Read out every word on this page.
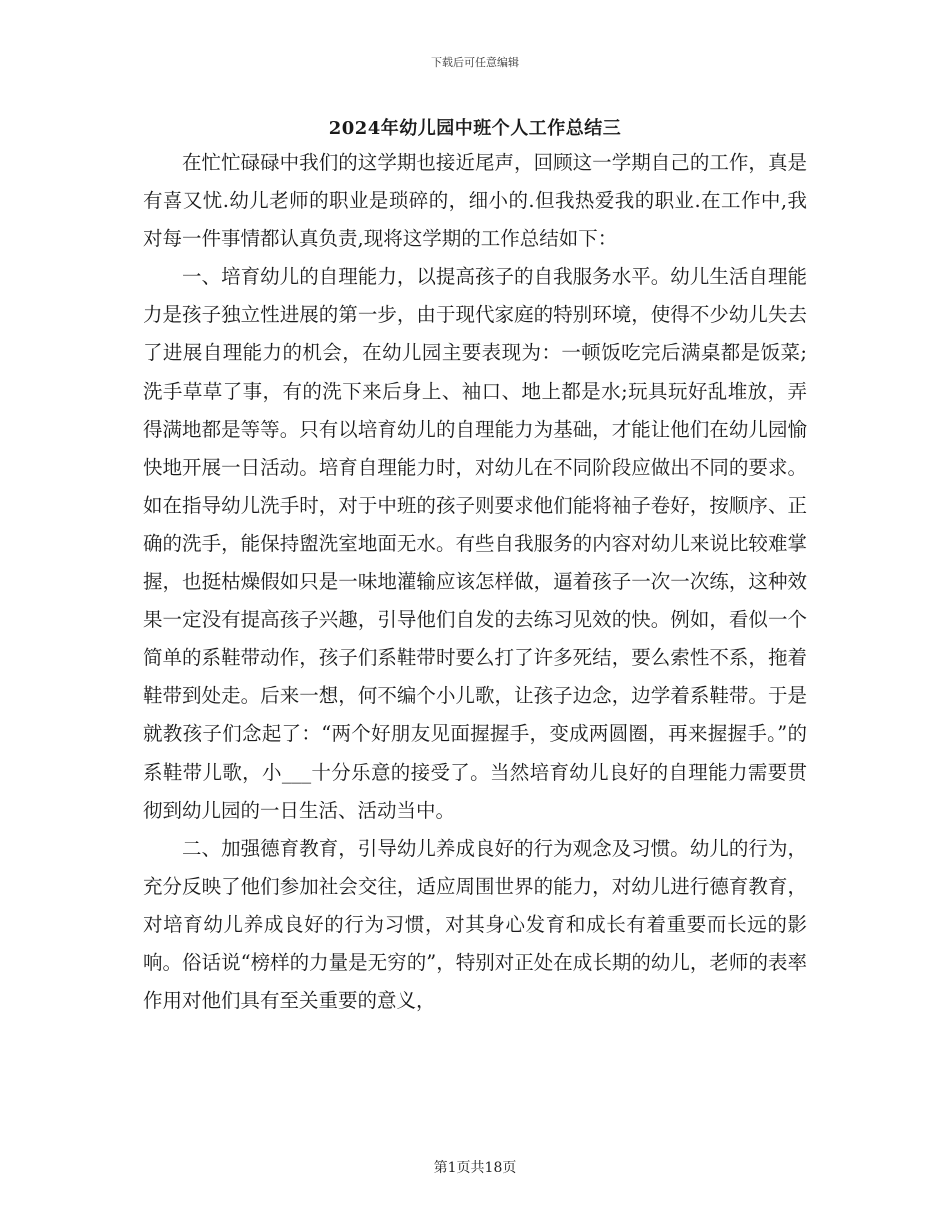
下载后可任意编辑
2024年幼儿园中班个人工作总结三

在忙忙碌碌中我们的这学期也接近尾声，回顾这一学期自己的工作，真是有喜又忧.幼儿老师的职业是琐碎的，细小的.但我热爱我的职业.在工作中,我对每一件事情都认真负责,现将这学期的工作总结如下：

一、培育幼儿的自理能力，以提高孩子的自我服务水平。幼儿生活自理能力是孩子独立性进展的第一步，由于现代家庭的特别环境，使得不少幼儿失去了进展自理能力的机会，在幼儿园主要表现为：一顿饭吃完后满桌都是饭菜;洗手草草了事，有的洗下来后身上、袖口、地上都是水;玩具玩好乱堆放，弄得满地都是等等。只有以培育幼儿的自理能力为基础，才能让他们在幼儿园愉快地开展一日活动。培育自理能力时，对幼儿在不同阶段应做出不同的要求。如在指导幼儿洗手时，对于中班的孩子则要求他们能将袖子卷好，按顺序、正确的洗手，能保持盥洗室地面无水。有些自我服务的内容对幼儿来说比较难掌握，也挺枯燥假如只是一味地灌输应该怎样做，逼着孩子一次一次练，这种效果一定没有提高孩子兴趣，引导他们自发的去练习见效的快。例如，看似一个简单的系鞋带动作，孩子们系鞋带时要么打了许多死结，要么索性不系，拖着鞋带到处走。后来一想，何不编个小儿歌，让孩子边念，边学着系鞋带。于是就教孩子们念起了：“两个好朋友见面握握手，变成两圆圈，再来握握手。”的系鞋带儿歌，小___十分乐意的接受了。当然培育幼儿良好的自理能力需要贯彻到幼儿园的一日生活、活动当中。

二、加强德育教育，引导幼儿养成良好的行为观念及习惯。幼儿的行为，充分反映了他们参加社会交往，适应周围世界的能力，对幼儿进行德育教育，对培育幼儿养成良好的行为习惯，对其身心发育和成长有着重要而长远的影响。俗话说“榜样的力量是无穷的”，特别对正处在成长期的幼儿，老师的表率作用对他们具有至关重要的意义，

第1页共18页
